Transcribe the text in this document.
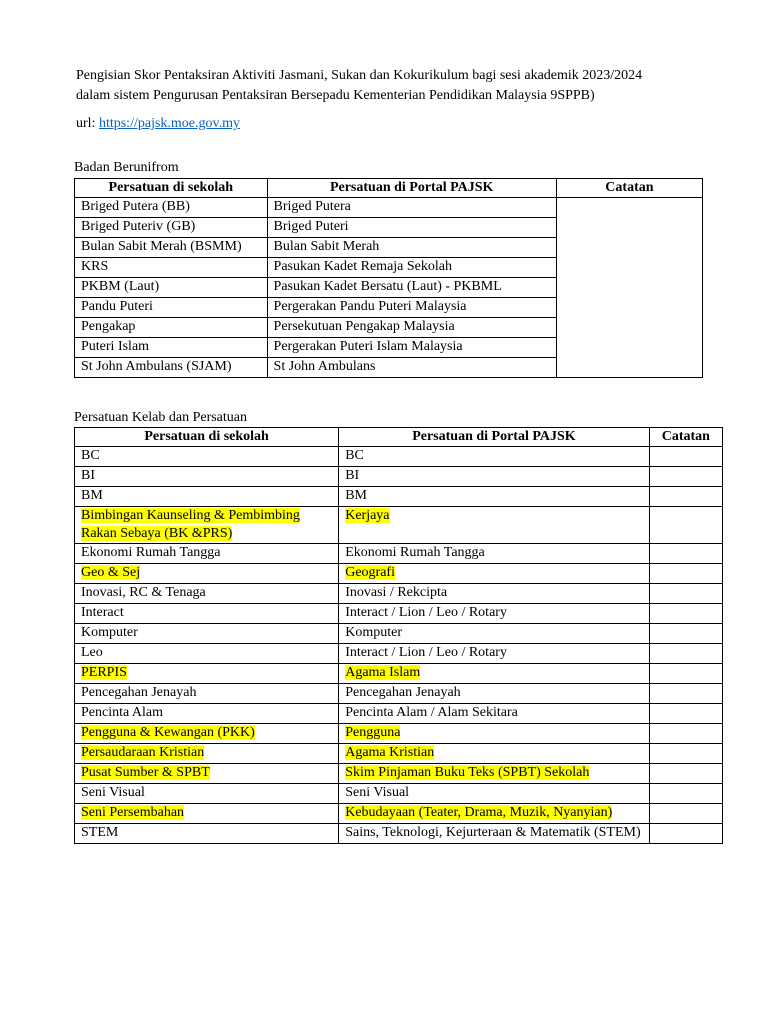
Pengisian Skor Pentaksiran Aktiviti Jasmani, Sukan dan Kokurikulum bagi sesi akademik 2023/2024

dalam sistem Pengurusan Pentaksiran Bersepadu Kementerian Pendidikan Malaysia 9SPPB)

url: https://pajsk.moe.gov.my
Badan Berunifrom
Persatuan di sekolah	Persatuan di Portal PAJSK	Catatan
Briged Putera (BB)	Briged Putera	
Briged Puteriv (GB)	Briged Puteri	
Bulan Sabit Merah (BSMM)	Bulan Sabit Merah	
KRS	Pasukan Kadet Remaja Sekolah	
PKBM (Laut)	Pasukan Kadet Bersatu (Laut) - PKBML	
Pandu Puteri	Pergerakan Pandu Puteri Malaysia	
Pengakap	Persekutuan Pengakap Malaysia	
Puteri Islam	Pergerakan Puteri Islam Malaysia	
St John Ambulans (SJAM)	St John Ambulans	
Persatuan Kelab dan Persatuan
Persatuan di sekolah	Persatuan di Portal PAJSK	Catatan
BC	BC	
BI	BI	
BM	BM	
Bimbingan Kaunseling & Pembimbing Rakan Sebaya (BK &PRS)	Kerjaya	
Ekonomi Rumah Tangga	Ekonomi Rumah Tangga	
Geo & Sej	Geografi	
Inovasi, RC & Tenaga	Inovasi / Rekcipta	
Interact	Interact / Lion / Leo / Rotary	
Komputer	Komputer	
Leo	Interact / Lion / Leo / Rotary	
PERPIS	Agama Islam	
Pencegahan Jenayah	Pencegahan Jenayah	
Pencinta Alam	Pencinta Alam / Alam Sekitara	
Pengguna & Kewangan (PKK)	Pengguna	
Persaudaraan Kristian	Agama Kristian	
Pusat Sumber & SPBT	Skim Pinjaman Buku Teks (SPBT) Sekolah	
Seni Visual	Seni Visual	
Seni Persembahan	Kebudayaan (Teater, Drama, Muzik, Nyanyian)	
STEM	Sains, Teknologi, Kejurteraan & Matematik (STEM)	
